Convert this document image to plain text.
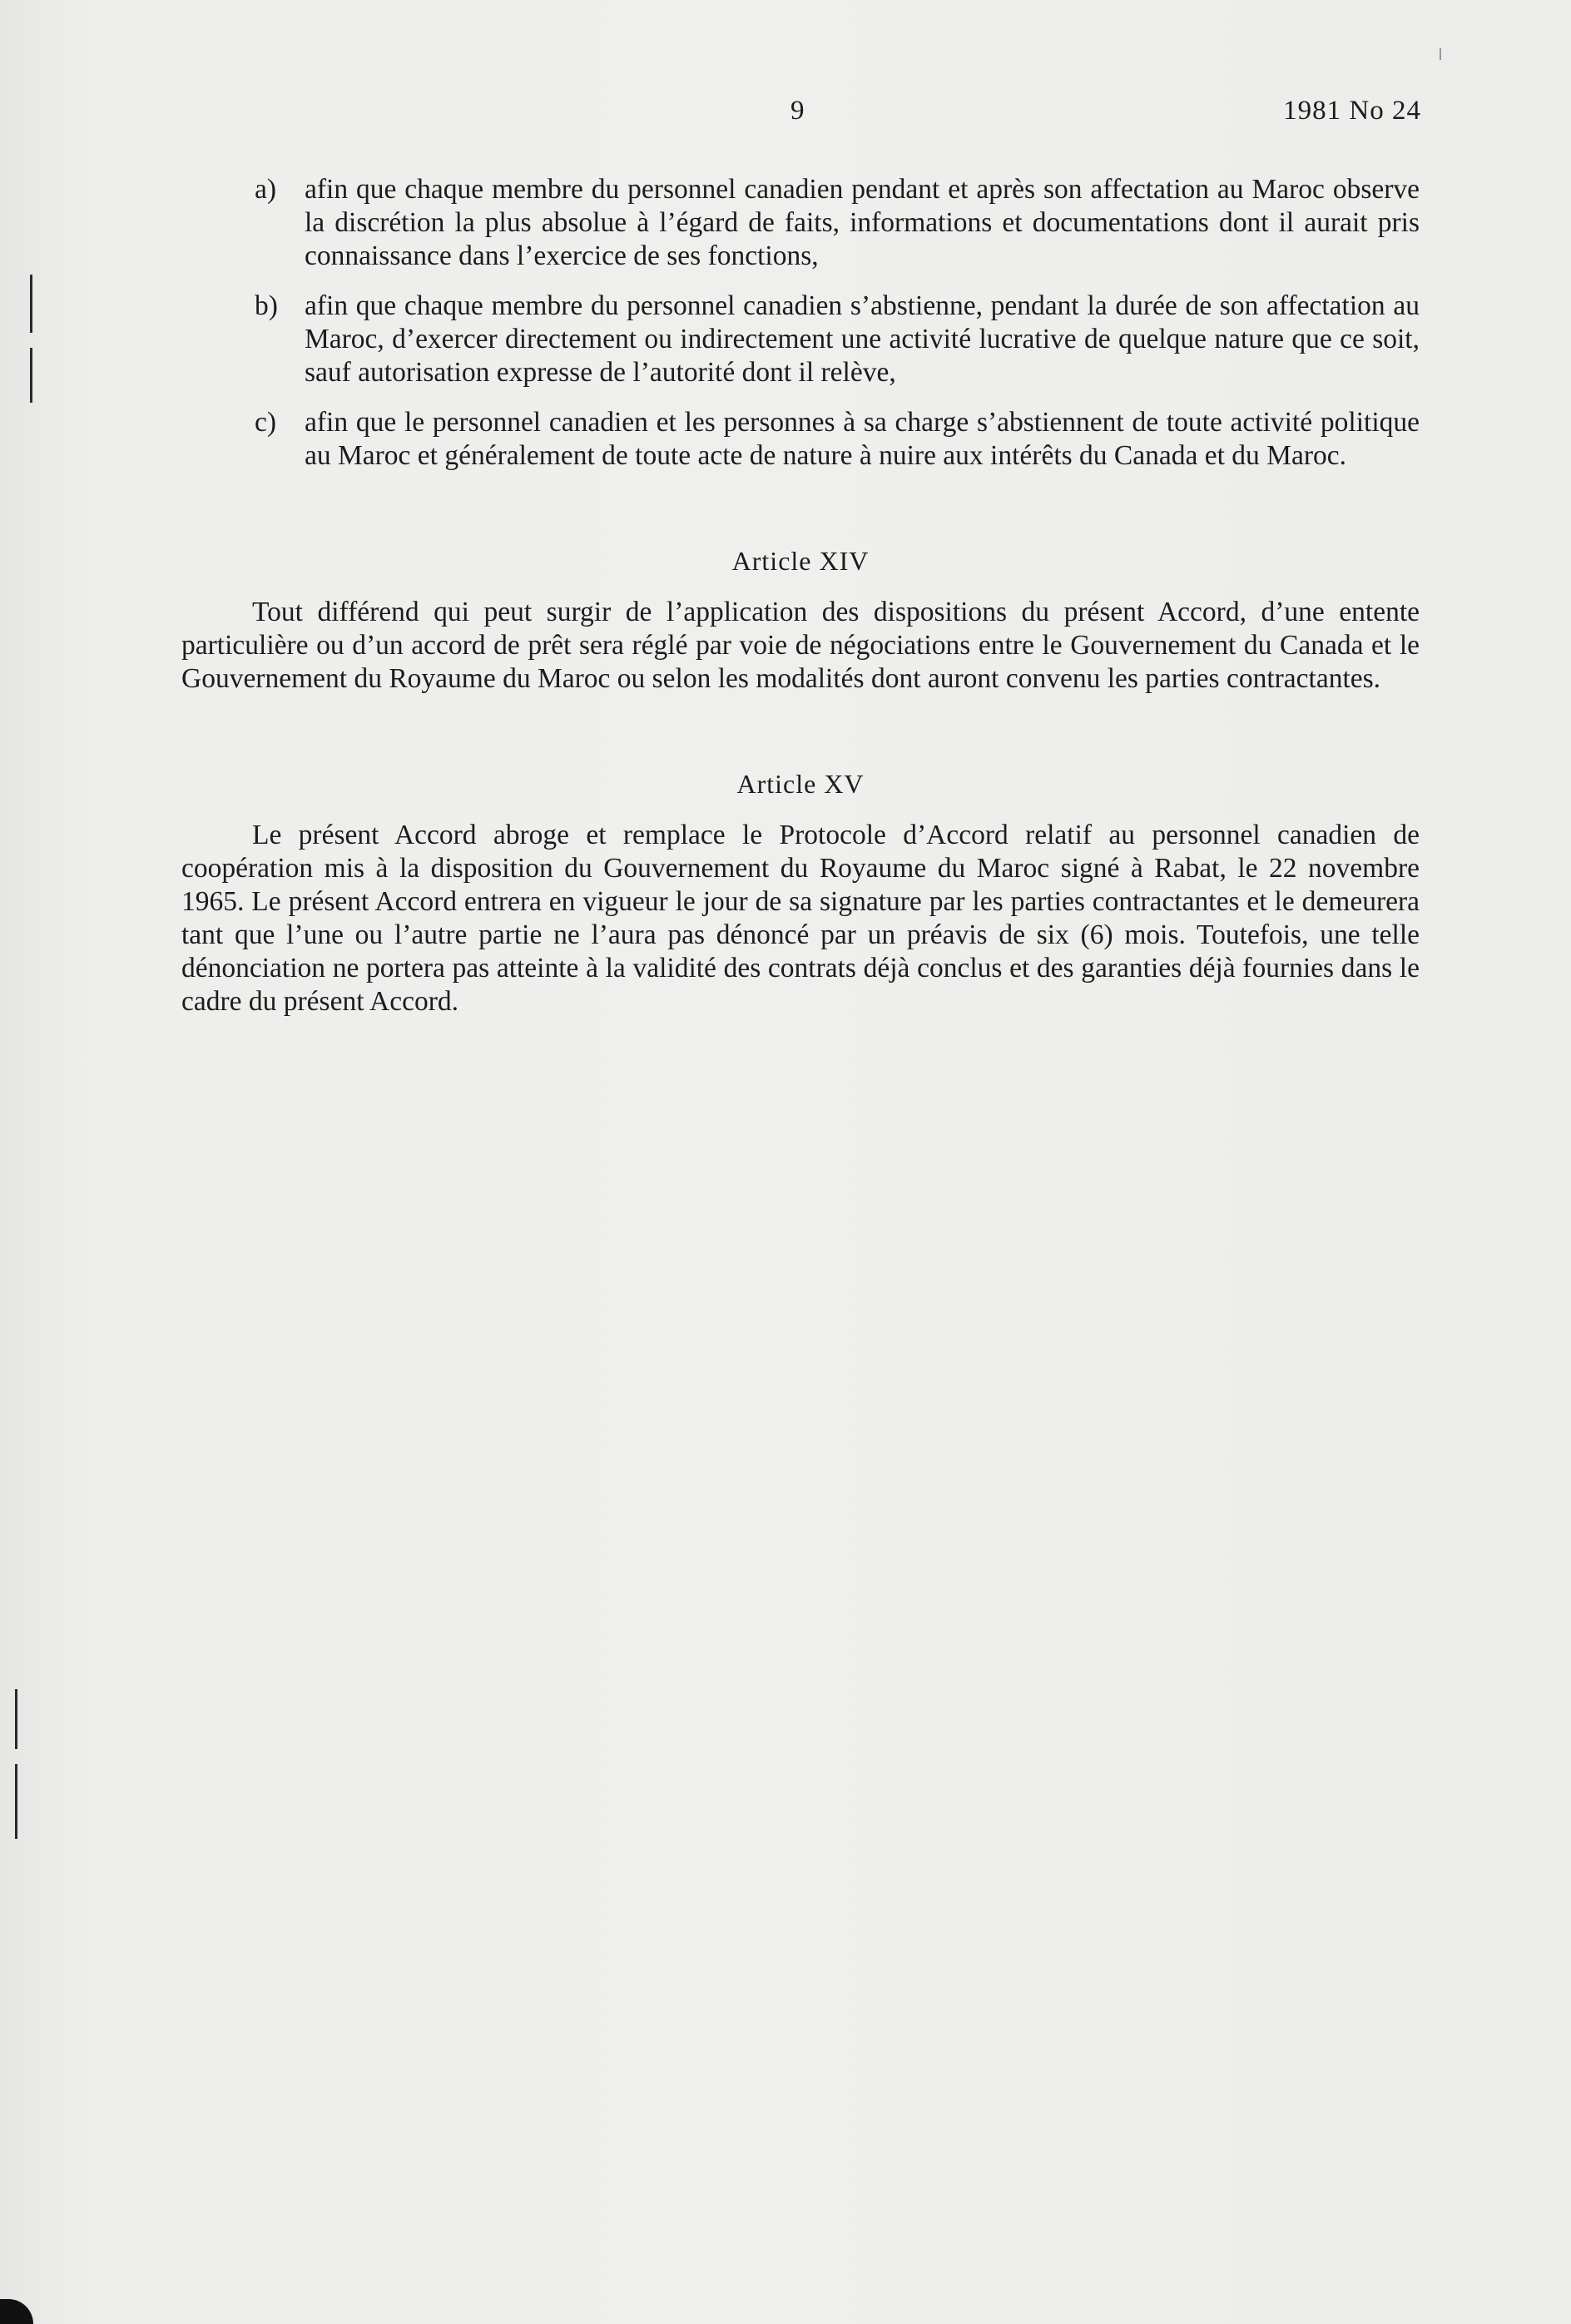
9	1981 No 24
a) afin que chaque membre du personnel canadien pendant et après son affectation au Maroc observe la discrétion la plus absolue à l’égard de faits, informations et documentations dont il aurait pris connaissance dans l’exercice de ses fonctions,
b) afin que chaque membre du personnel canadien s’abstienne, pendant la durée de son affectation au Maroc, d’exercer directement ou indirectement une activité lucrative de quelque nature que ce soit, sauf autorisation expresse de l’autorité dont il relève,
c) afin que le personnel canadien et les personnes à sa charge s’abstiennent de toute activité politique au Maroc et généralement de toute acte de nature à nuire aux intérêts du Canada et du Maroc.
Article XIV

Tout différend qui peut surgir de l’application des dispositions du présent Accord, d’une entente particulière ou d’un accord de prêt sera réglé par voie de négociations entre le Gouvernement du Canada et le Gouvernement du Royaume du Maroc ou selon les modalités dont auront convenu les parties contractantes.

Article XV

Le présent Accord abroge et remplace le Protocole d’Accord relatif au personnel canadien de coopération mis à la disposition du Gouvernement du Royaume du Maroc signé à Rabat, le 22 novembre 1965. Le présent Accord entrera en vigueur le jour de sa signature par les parties contractantes et le demeurera tant que l’une ou l’autre partie ne l’aura pas dénoncé par un préavis de six (6) mois. Toutefois, une telle dénonciation ne portera pas atteinte à la validité des contrats déjà conclus et des garanties déjà fournies dans le cadre du présent Accord.
